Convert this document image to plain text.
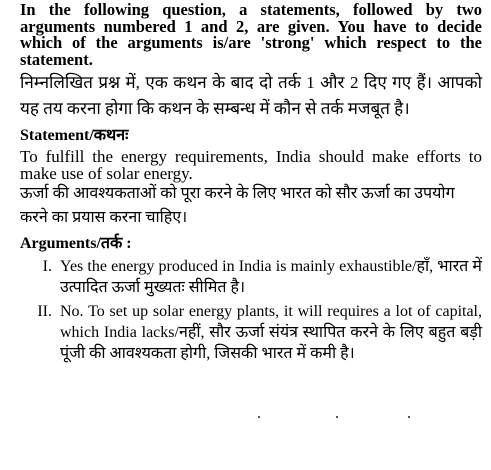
In the following question, a statements, followed by two arguments numbered 1 and 2, are given. You have to decide which of the arguments is/are 'strong' which respect to the statement.

निम्नलिखित प्रश्न में, एक कथन के बाद दो तर्क 1 और 2 दिए गए हैं। आपको यह तय करना होगा कि कथन के सम्बन्ध में कौन से तर्क मजबूत है।

Statement/कथनः

To fulfill the energy requirements, India should make efforts to make use of solar energy.

ऊर्जा की आवश्यकताओं को पूरा करने के लिए भारत को सौर ऊर्जा का उपयोग करने का प्रयास करना चाहिए।

Arguments/तर्क :
I. Yes the energy produced in India is mainly exhaustible/हाँ, भारत में उत्पादित ऊर्जा मुख्यतः सीमित है।
II. No. To set up solar energy plants, it will requires a lot of capital, which India lacks/नहीं, सौर ऊर्जा संयंत्र स्थापित करने के लिए बहुत बड़ी पूंजी की आवश्यकता होगी, जिसकी भारत में कमी है।
